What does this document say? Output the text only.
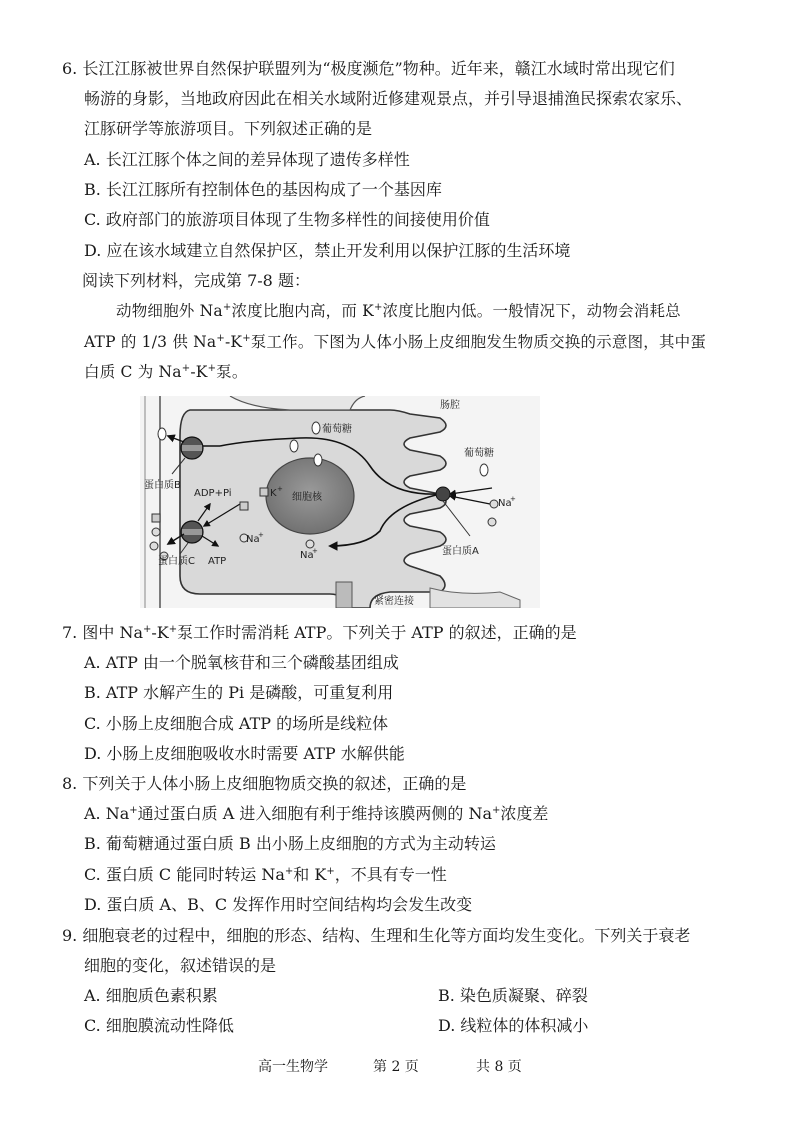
6. 长江江豚被世界自然保护联盟列为“极度濒危”物种。近年来，赣江水域时常出现它们
畅游的身影，当地政府因此在相关水域附近修建观景点，并引导退捕渔民探索农家乐、
江豚研学等旅游项目。下列叙述正确的是
A. 长江江豚个体之间的差异体现了遗传多样性
B. 长江江豚所有控制体色的基因构成了一个基因库
C. 政府部门的旅游项目体现了生物多样性的间接使用价值
D. 应在该水域建立自然保护区，禁止开发利用以保护江豚的生活环境
阅读下列材料，完成第 7-8 题：
动物细胞外 Na+浓度比胞内高，而 K+浓度比胞内低。一般情况下，动物会消耗总
ATP 的 1/3 供 Na+-K+泵工作。下图为人体小肠上皮细胞发生物质交换的示意图，其中蛋
白质 C 为 Na+-K+泵。
肠腔
葡萄糖
葡萄糖
蛋白质B
ADP+Pi	K +
细胞核
Na
+
Na
+
Na
+
蛋白质C ATP
蛋白质A
紧密连接
7. 图中 Na+-K+泵工作时需消耗 ATP。下列关于 ATP 的叙述，正确的是
A. ATP 由一个脱氧核苷和三个磷酸基团组成
B. ATP 水解产生的 Pi 是磷酸，可重复利用
C. 小肠上皮细胞合成 ATP 的场所是线粒体
D. 小肠上皮细胞吸收水时需要 ATP 水解供能
8. 下列关于人体小肠上皮细胞物质交换的叙述，正确的是
A. Na+通过蛋白质 A 进入细胞有利于维持该膜两侧的 Na+浓度差
B. 葡萄糖通过蛋白质 B 出小肠上皮细胞的方式为主动转运
C. 蛋白质 C 能同时转运 Na+和 K+，不具有专一性
D. 蛋白质 A、B、C 发挥作用时空间结构均会发生改变
9. 细胞衰老的过程中，细胞的形态、结构、生理和生化等方面均发生变化。下列关于衰老
细胞的变化，叙述错误的是
A. 细胞质色素积累	B. 染色质凝聚、碎裂
C. 细胞膜流动性降低	D. 线粒体的体积减小
高一生物学	第 2 页	共 8 页
